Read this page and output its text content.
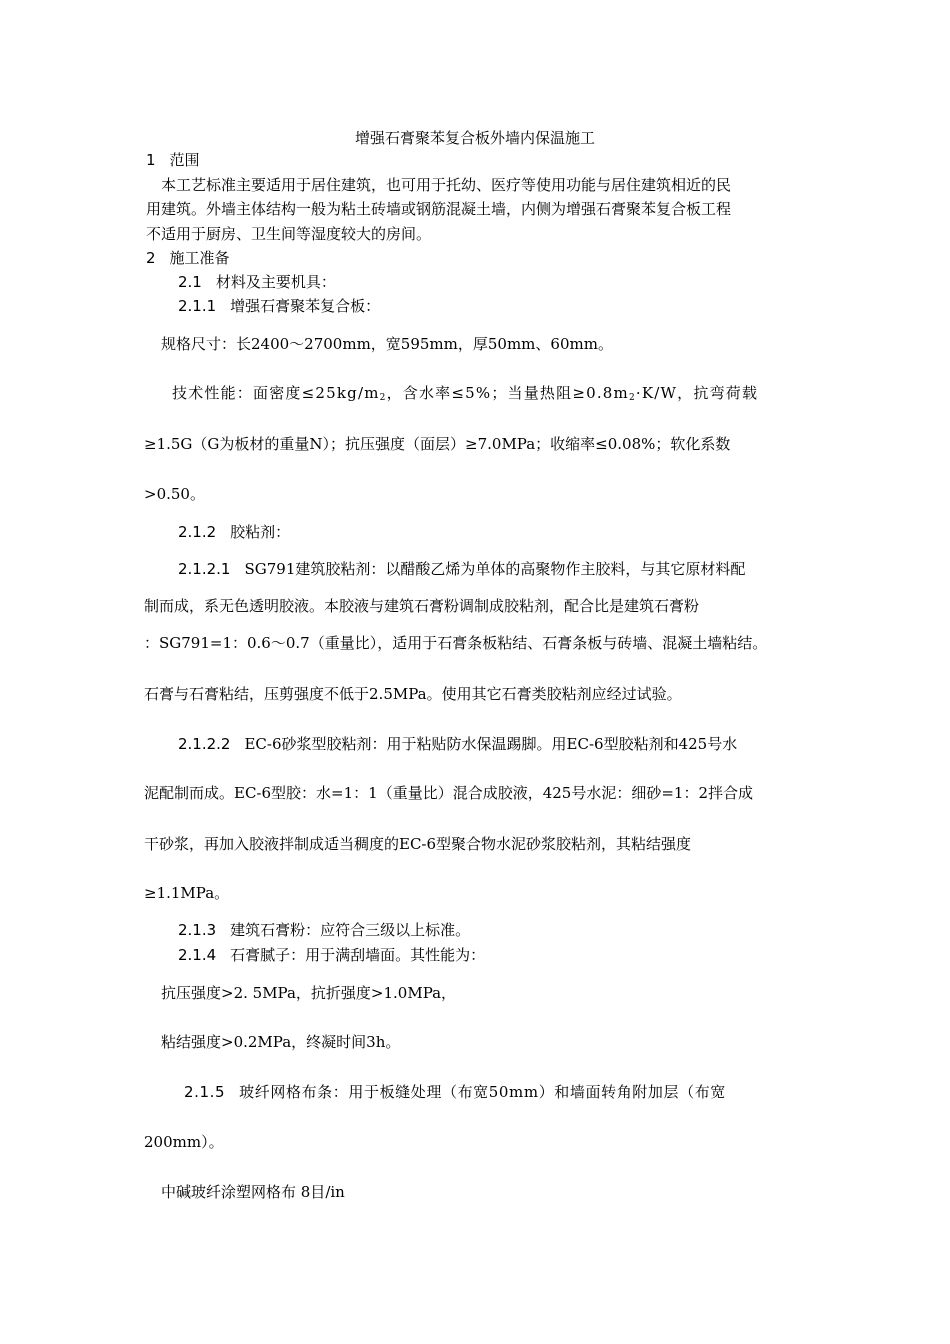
增强石膏聚苯复合板外墙内保温施工
1 范围
本工艺标准主要适用于居住建筑，也可用于托幼、医疗等使用功能与居住建筑相近的民
用建筑。外墙主体结构一般为粘土砖墙或钢筋混凝土墙，内侧为增强石膏聚苯复合板工程
不适用于厨房、卫生间等湿度较大的房间。
2 施工准备
2.1 材料及主要机具：
2.1.1 增强石膏聚苯复合板：
规格尺寸：长2400～2700mm，宽595mm，厚50mm、60mm。
技术性能：面密度$\le 25kg/m_2$，含水率≤5%；当量热阻$\ge 0.8m_2\cdot K/W$，抗弯荷载
≥1.5G（G为板材的重量N）；抗压强度（面层）≥7.0MPa；收缩率≤0.08%；软化系数
>0.50。
2.1.2 胶粘剂：
2.1.2.1 SG791建筑胶粘剂：以醋酸乙烯为单体的高聚物作主胶料，与其它原材料配
制而成，系无色透明胶液。本胶液与建筑石膏粉调制成胶粘剂，配合比是建筑石膏粉
：SG791=1：0.6～0.7（重量比），适用于石膏条板粘结、石膏条板与砖墙、混凝土墙粘结。
石膏与石膏粘结，压剪强度不低于2.5MPa。使用其它石膏类胶粘剂应经过试验。
2.1.2.2 EC-6砂浆型胶粘剂：用于粘贴防水保温踢脚。用EC-6型胶粘剂和425号水
泥配制而成。EC-6型胶：水=1：1（重量比）混合成胶液，425号水泥：细砂=1：2拌合成
干砂浆，再加入胶液拌制成适当稠度的EC-6型聚合物水泥砂浆胶粘剂，其粘结强度
≥1.1MPa。
2.1.3 建筑石膏粉：应符合三级以上标准。
2.1.4 石膏腻子：用于满刮墙面。其性能为：
抗压强度>2. 5MPa，抗折强度>1.0MPa，
粘结强度>0.2MPa，终凝时间3h。
2.1.5 玻纤网格布条：用于板缝处理（布宽50mm）和墙面转角附加层（布宽
200mm）。
中碱玻纤涂塑网格布 8目/in
